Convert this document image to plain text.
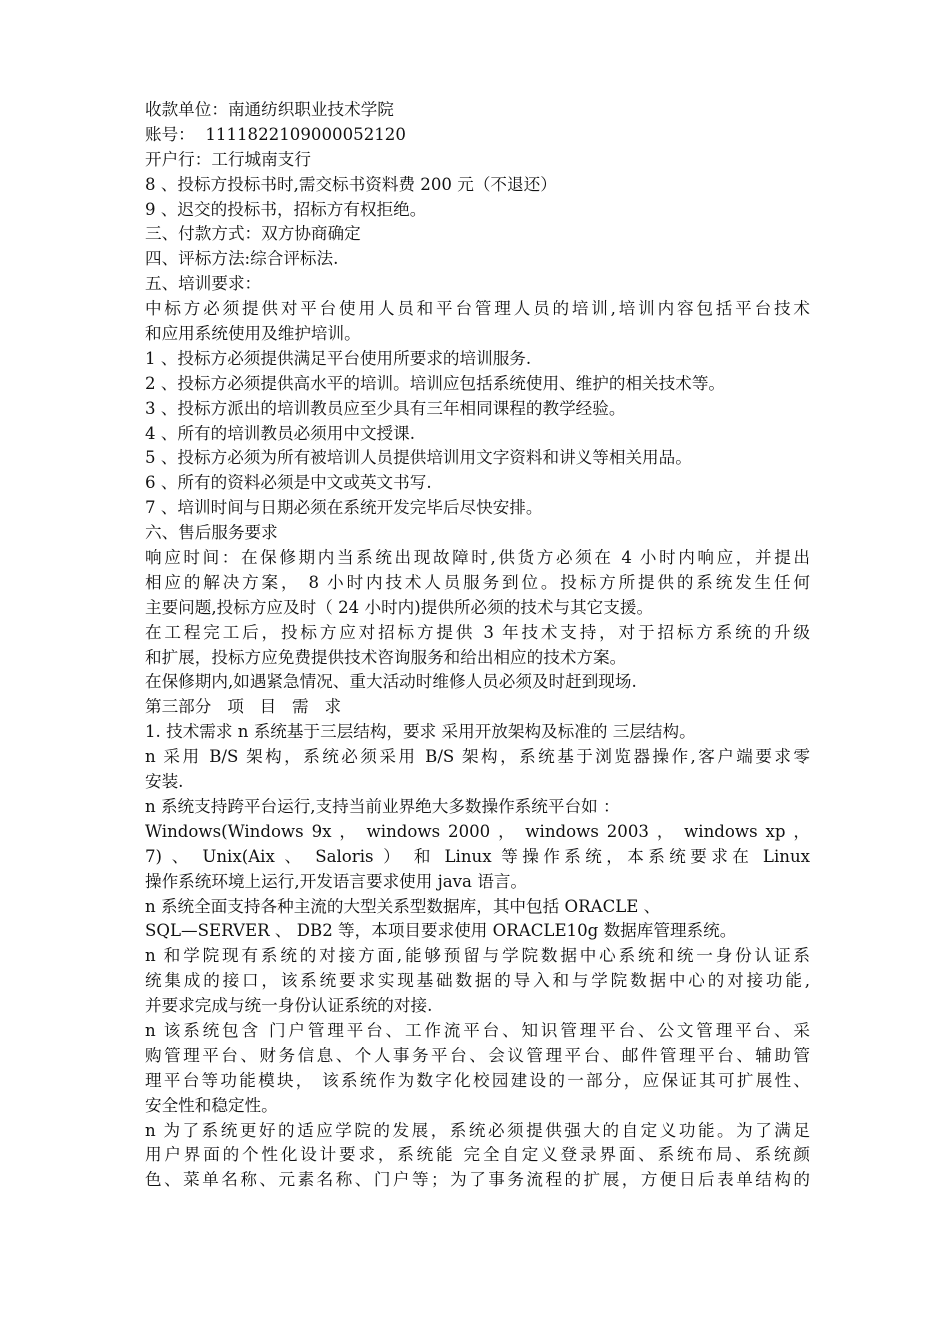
收款单位：南通纺织职业技术学院
账号：  1111822109000052120
开户行：工行城南支行
8 、投标方投标书时,需交标书资料费 200 元（不退还）
9 、迟交的投标书，招标方有权拒绝。
三、付款方式：双方协商确定
四、评标方法:综合评标法.
五、培训要求：
中标方必须提供对平台使用人员和平台管理人员的培训,培训内容包括平台技术
和应用系统使用及维护培训。
1 、投标方必须提供满足平台使用所要求的培训服务.
2 、投标方必须提供高水平的培训。培训应包括系统使用、维护的相关技术等。
3 、投标方派出的培训教员应至少具有三年相同课程的教学经验。
4 、所有的培训教员必须用中文授课.
5 、投标方必须为所有被培训人员提供培训用文字资料和讲义等相关用品。
6 、所有的资料必须是中文或英文书写.
7 、培训时间与日期必须在系统开发完毕后尽快安排。
六、售后服务要求
响应时间：在保修期内当系统出现故障时,供货方必须在 4 小时内响应，并提出
相应的解决方案， 8 小时内技术人员服务到位。投标方所提供的系统发生任何
主要问题,投标方应及时（ 24 小时内)提供所必须的技术与其它支援。
在工程完工后，投标方应对招标方提供 3 年技术支持，对于招标方系统的升级
和扩展，投标方应免费提供技术咨询服务和给出相应的技术方案。
在保修期内,如遇紧急情况、重大活动时维修人员必须及时赶到现场.
第三部分   项   目   需   求
1. 技术需求 n 系统基于三层结构，要求 采用开放架构及标准的 三层结构。
n 采用 B/S 架构，系统必须采用 B/S 架构，系统基于浏览器操作,客户端要求零
安装.
n 系统支持跨平台运行,支持当前业界绝大多数操作系统平台如 ：
Windows(Windows 9x ， windows 2000 ， windows 2003 ， windows xp ，
7) 、 Unix(Aix 、 Saloris ） 和 Linux 等操作系统，本系统要求在 Linux
操作系统环境上运行,开发语言要求使用 java 语言。
n 系统全面支持各种主流的大型关系型数据库，其中包括 ORACLE 、
SQL—SERVER 、 DB2 等，本项目要求使用 ORACLE10g 数据库管理系统。
n 和学院现有系统的对接方面,能够预留与学院数据中心系统和统一身份认证系
统集成的接口，该系统要求实现基础数据的导入和与学院数据中心的对接功能,
并要求完成与统一身份认证系统的对接.
n 该系统包含 门户管理平台、工作流平台、知识管理平台、公文管理平台、采
购管理平台、财务信息、个人事务平台、会议管理平台、邮件管理平台、辅助管
理平台等功能模块， 该系统作为数字化校园建设的一部分，应保证其可扩展性、
安全性和稳定性。
n 为了系统更好的适应学院的发展，系统必须提供强大的自定义功能。为了满足
用户界面的个性化设计要求，系统能 完全自定义登录界面、系统布局、系统颜
色、菜单名称、元素名称、门户等；为了事务流程的扩展，方便日后表单结构的
